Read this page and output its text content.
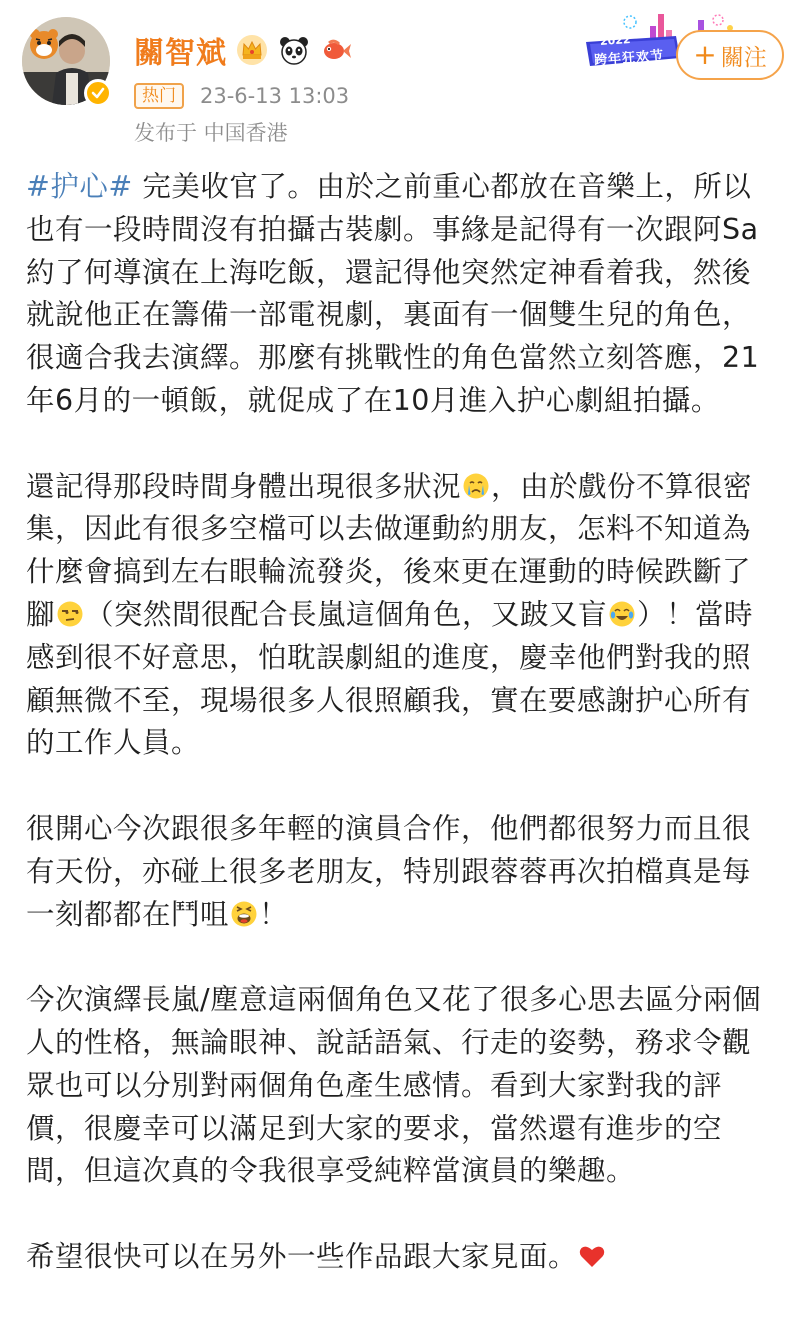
關智斌
热门	23-6-13 13:03
发布于 中国香港
2022
跨年狂欢节 + 關注

#护心# 完美收官了。由於之前重心都放在音樂上，所以也有一段時間沒有拍攝古裝劇。事緣是記得有一次跟阿Sa約了何導演在上海吃飯，還記得他突然定神看着我，然後就說他正在籌備一部電視劇，裏面有一個雙生兒的角色，很適合我去演繹。那麼有挑戰性的角色當然立刻答應，21年6月的一頓飯，就促成了在10月進入护心劇組拍攝。

還記得那段時間身體出現很多狀況 ，由於戲份不算很密集，因此有很多空檔可以去做運動約朋友，怎料不知道為什麼會搞到左右眼輪流發炎，後來更在運動的時候跌斷了腳 （突然間很配合長嵐這個角色，又跛又盲 ）！當時感到很不好意思，怕耽誤劇組的進度，慶幸他們對我的照顧無微不至，現場很多人很照顧我，實在要感謝护心所有的工作人員。

很開心今次跟很多年輕的演員合作，他們都很努力而且很有天份，亦碰上很多老朋友，特別跟蓉蓉再次拍檔真是每一刻都都在鬥咀 ！

今次演繹長嵐/塵意這兩個角色又花了很多心思去區分兩個人的性格，無論眼神、說話語氣、行走的姿勢，務求令觀眾也可以分別對兩個角色產生感情。看到大家對我的評價，很慶幸可以滿足到大家的要求，當然還有進步的空間，但這次真的令我很享受純粹當演員的樂趣。

希望很快可以在另外一些作品跟大家見面。
